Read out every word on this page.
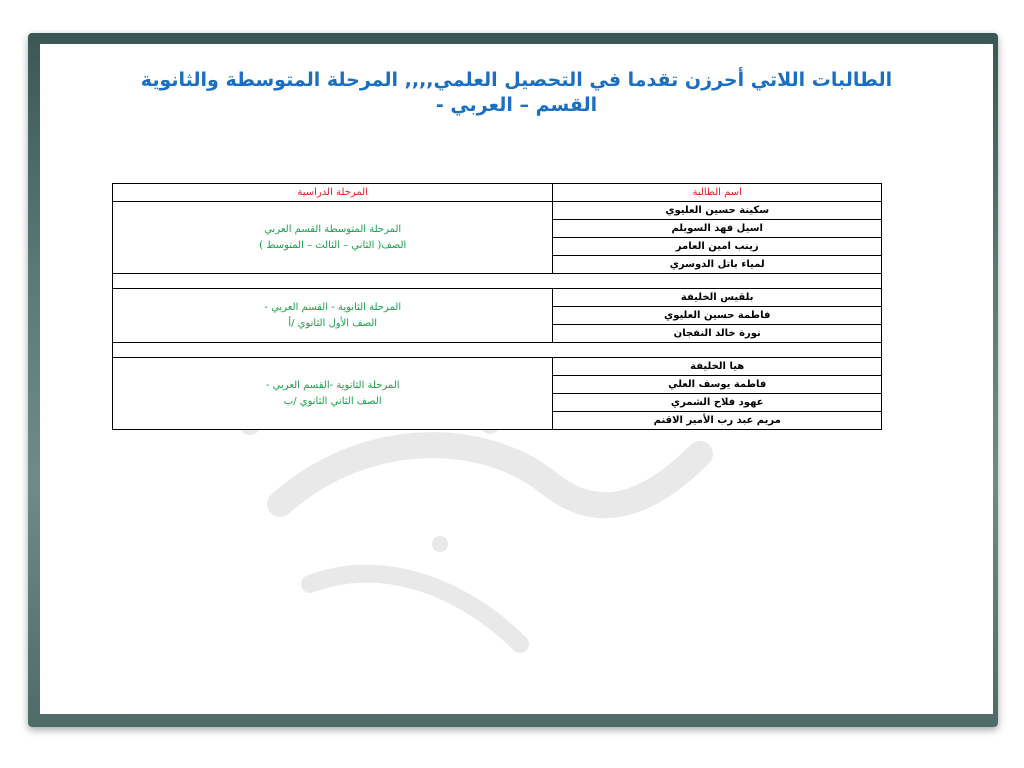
الطالبات اللاتي أحرزن تقدما في التحصيل العلمي,,,, المرحلة المتوسطة والثانوية
القسم – العربي -
اسم الطالبة	المرحلة الدراسية
سكينة حسين العليوي	المرحلة المتوسطة القسم العربي
الصف( الثاني – الثالث – المتوسط )

اسيل فهد السويلم	
زينب امين العامر	
لمياء باتل الدوسري	

بلقيس الخليفة	المرحلة الثانوية - القسم العربي -
الصف الأول الثانوي /أ

فاطمة حسين العليوي	
نورة خالد النفجان	

هيا الخليفة	المرحلة الثانوية -القسم العربي -
الصف الثاني الثانوي /ب

فاطمة يوسف العلي	
عهود فلاح الشمري	
مريم عبد رب الأمير الاقنم	
